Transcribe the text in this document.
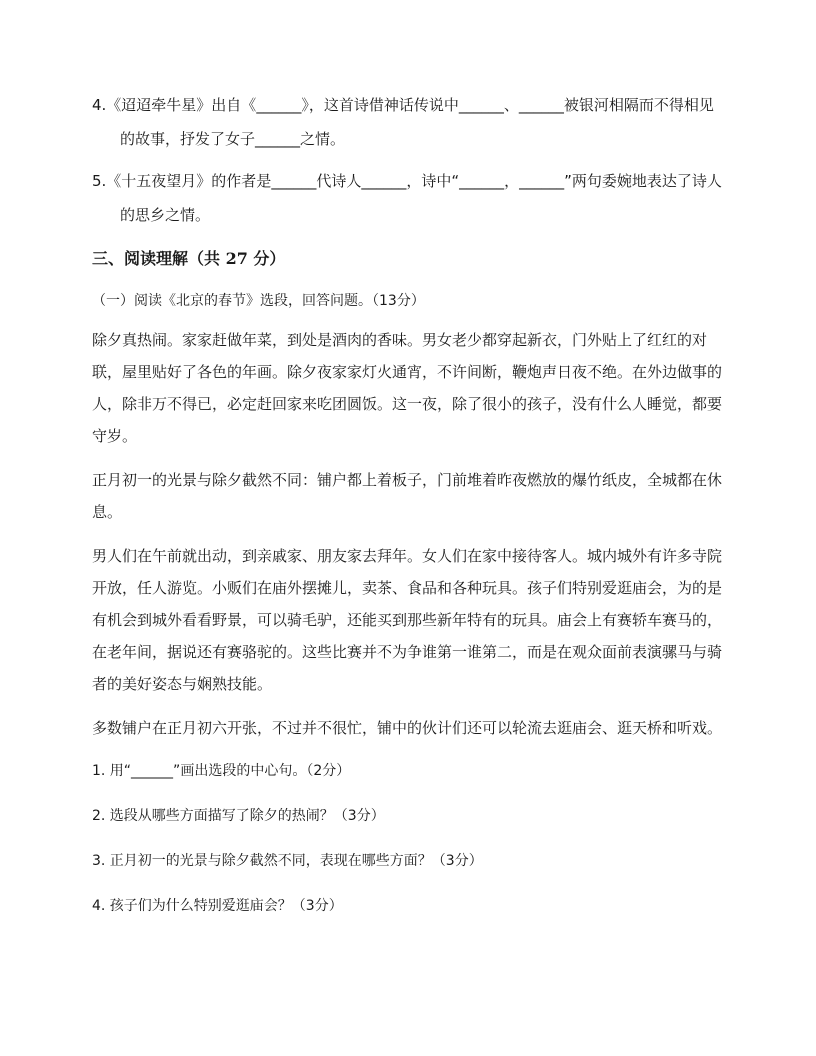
4.《迢迢牵牛星》出自《______》，这首诗借神话传说中______、______被银河相隔而不得相见的故事，抒发了女子______之情。

5.《十五夜望月》的作者是______代诗人______，诗中“______，______”两句委婉地表达了诗人的思乡之情。

三、阅读理解（共 27 分）
（一）阅读《北京的春节》选段，回答问题。（13分）

除夕真热闹。家家赶做年菜，到处是酒肉的香味。男女老少都穿起新衣，门外贴上了红红的对联，屋里贴好了各色的年画。除夕夜家家灯火通宵，不许间断，鞭炮声日夜不绝。在外边做事的人，除非万不得已，必定赶回家来吃团圆饭。这一夜，除了很小的孩子，没有什么人睡觉，都要守岁。

正月初一的光景与除夕截然不同：铺户都上着板子，门前堆着昨夜燃放的爆竹纸皮，全城都在休息。

男人们在午前就出动，到亲戚家、朋友家去拜年。女人们在家中接待客人。城内城外有许多寺院开放，任人游览。小贩们在庙外摆摊儿，卖茶、食品和各种玩具。孩子们特别爱逛庙会，为的是有机会到城外看看野景，可以骑毛驴，还能买到那些新年特有的玩具。庙会上有赛轿车赛马的，在老年间，据说还有赛骆驼的。这些比赛并不为争谁第一谁第二，而是在观众面前表演骡马与骑者的美好姿态与娴熟技能。

多数铺户在正月初六开张，不过并不很忙，铺中的伙计们还可以轮流去逛庙会、逛天桥和听戏。

1. 用“______”画出选段的中心句。（2分）
2. 选段从哪些方面描写了除夕的热闹？（3分）
3. 正月初一的光景与除夕截然不同，表现在哪些方面？（3分）
4. 孩子们为什么特别爱逛庙会？（3分）
